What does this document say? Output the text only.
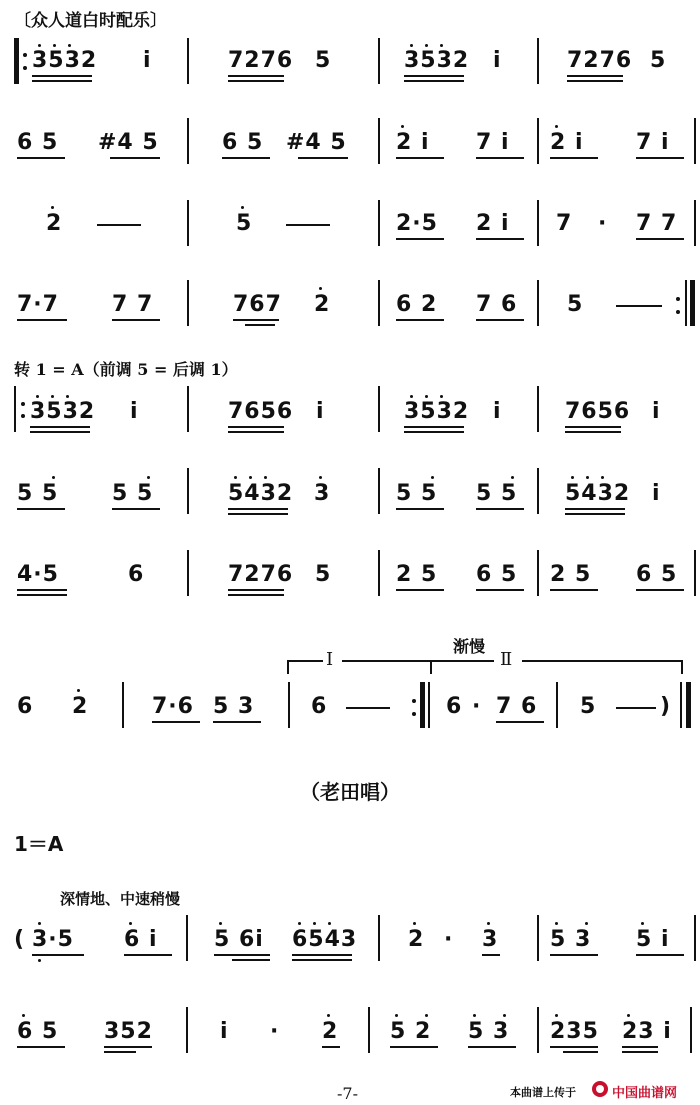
〔众人道白时配乐〕
3532 i	7276 5	3532 i	7276 5
6 5 #4 5	6 5 #4 5 2 i 7 i 2 i 7 i
2	5	2·5 2 i 7 · 7 7
7·7 7 7	767 2	6 2 7 6 5
转 1 = A（前调 5 = 后调 1）
3532 i	7656 i	3532 i	7656 i
5 5 5 5	5432 3	5 5 5 5 5432 i
4·5	6	7276 5	2 5 6 5 2 5 6 5
渐慢
Ⅰ	Ⅱ
6 2	7·6 5 3	6	6 · 7 6 5	)
（老田唱）
1＝A
深情地、中速稍慢
( 3·5 6 i	5 6i 6543 2 · 3 5 3 5 i
6 5 352	i · 2 5 2 5 3 235 23 i
-7-	本曲谱上传于	中国曲谱网
